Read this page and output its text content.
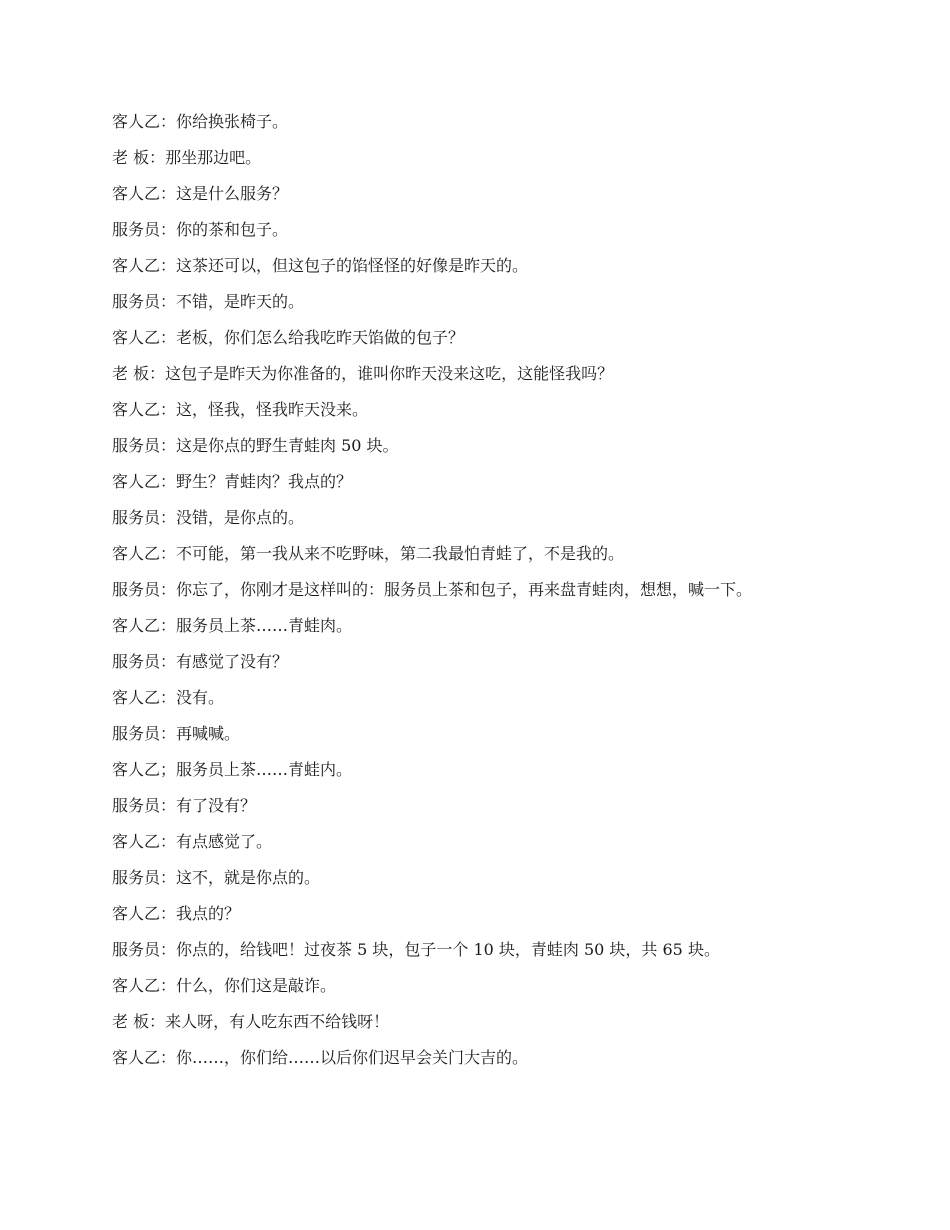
客人乙：你给换张椅子。

老 板：那坐那边吧。

客人乙：这是什么服务？

服务员：你的茶和包子。

客人乙：这茶还可以，但这包子的馅怪怪的好像是昨天的。

服务员：不错，是昨天的。

客人乙：老板，你们怎么给我吃昨天馅做的包子？

老 板：这包子是昨天为你准备的，谁叫你昨天没来这吃，这能怪我吗？

客人乙：这，怪我，怪我昨天没来。

服务员：这是你点的野生青蛙肉 50 块。

客人乙：野生？青蛙肉？我点的？

服务员：没错，是你点的。

客人乙：不可能，第一我从来不吃野味，第二我最怕青蛙了，不是我的。

服务员：你忘了，你刚才是这样叫的：服务员上茶和包子，再来盘青蛙肉，想想，喊一下。

客人乙：服务员上茶……青蛙肉。

服务员：有感觉了没有？

客人乙：没有。

服务员：再喊喊。

客人乙；服务员上茶……青蛙内。

服务员：有了没有？

客人乙：有点感觉了。

服务员：这不，就是你点的。

客人乙：我点的？

服务员：你点的，给钱吧！过夜茶 5 块，包子一个 10 块，青蛙肉 50 块，共 65 块。

客人乙：什么，你们这是敲诈。

老 板：来人呀，有人吃东西不给钱呀！

客人乙：你……，你们给……以后你们迟早会关门大吉的。
